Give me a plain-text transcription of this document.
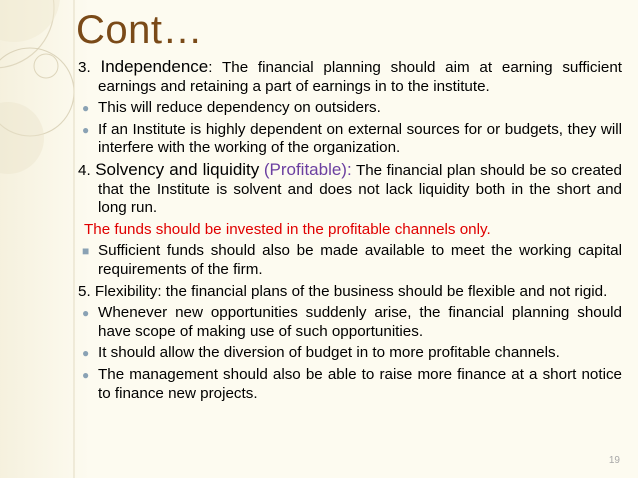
Cont…

3. Independence: The financial planning should aim at earning sufficient earnings and retaining a part of earnings in to the institute.

● This will reduce dependency on outsiders.
● If an Institute is highly dependent on external sources for or budgets, they will interfere with the working of the organization.

4. Solvency and liquidity (Profitable): The financial plan should be so created that the Institute is solvent and does not lack liquidity both in the short and long run.

The funds should be invested in the profitable channels only.

■ Sufficient funds should also be made available to meet the working capital requirements of the firm.

5. Flexibility: the financial plans of the business should be flexible and not rigid.

● Whenever new opportunities suddenly arise, the financial planning should have scope of making use of such opportunities.
● It should allow the diversion of budget in to more profitable channels.
● The management should also be able to raise more finance at a short notice to finance new projects.
19
